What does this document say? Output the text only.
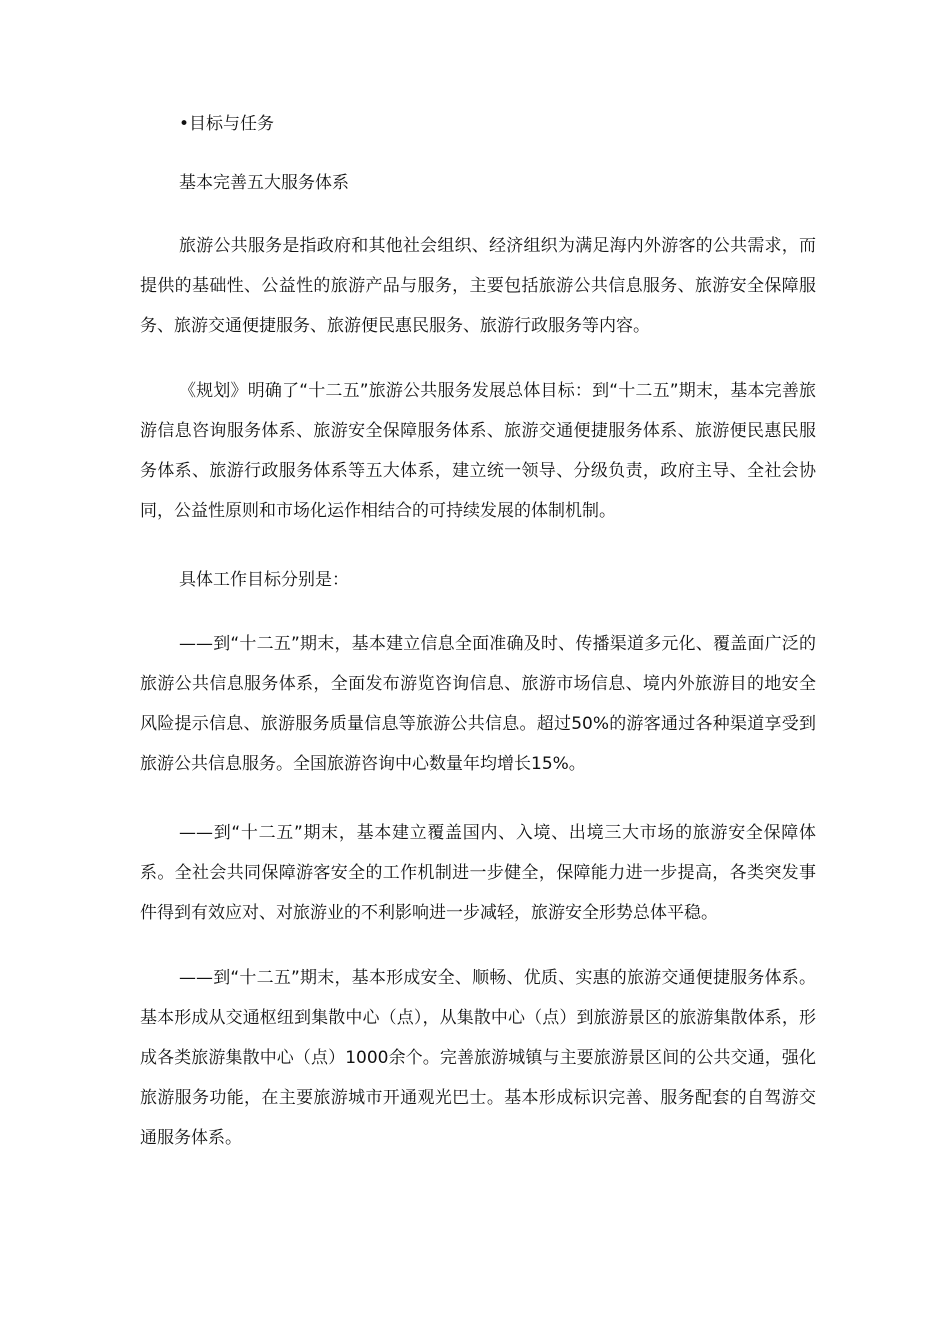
•目标与任务
基本完善五大服务体系

旅游公共服务是指政府和其他社会组织、经济组织为满足海内外游客的公共需求，而提供的基础性、公益性的旅游产品与服务，主要包括旅游公共信息服务、旅游安全保障服务、旅游交通便捷服务、旅游便民惠民服务、旅游行政服务等内容。

《规划》明确了“十二五”旅游公共服务发展总体目标：到“十二五”期末，基本完善旅游信息咨询服务体系、旅游安全保障服务体系、旅游交通便捷服务体系、旅游便民惠民服务体系、旅游行政服务体系等五大体系，建立统一领导、分级负责，政府主导、全社会协同，公益性原则和市场化运作相结合的可持续发展的体制机制。

具体工作目标分别是：

——到“十二五”期末，基本建立信息全面准确及时、传播渠道多元化、覆盖面广泛的旅游公共信息服务体系，全面发布游览咨询信息、旅游市场信息、境内外旅游目的地安全风险提示信息、旅游服务质量信息等旅游公共信息。超过50%的游客通过各种渠道享受到旅游公共信息服务。全国旅游咨询中心数量年均增长15%。

——到“十二五”期末，基本建立覆盖国内、入境、出境三大市场的旅游安全保障体系。全社会共同保障游客安全的工作机制进一步健全，保障能力进一步提高，各类突发事件得到有效应对、对旅游业的不利影响进一步减轻，旅游安全形势总体平稳。

——到“十二五”期末，基本形成安全、顺畅、优质、实惠的旅游交通便捷服务体系。基本形成从交通枢纽到集散中心（点），从集散中心（点）到旅游景区的旅游集散体系，形成各类旅游集散中心（点）1000余个。完善旅游城镇与主要旅游景区间的公共交通，强化旅游服务功能，在主要旅游城市开通观光巴士。基本形成标识完善、服务配套的自驾游交通服务体系。
